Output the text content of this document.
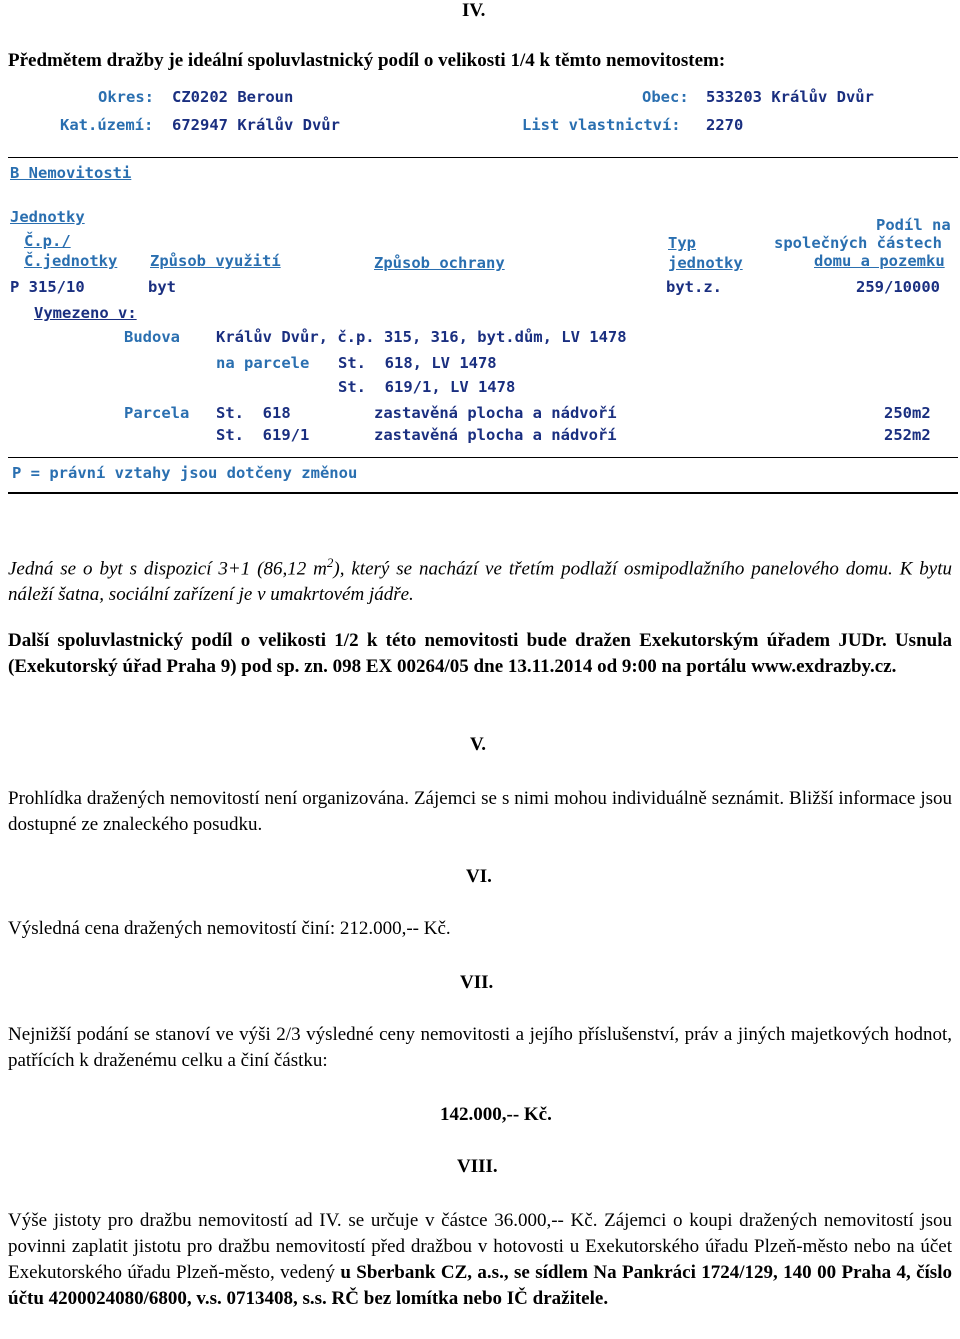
IV.
Předmětem dražby je ideální spoluvlastnický podíl o velikosti 1/4 k těmto nemovitostem:
Okres: CZ0202 Beroun	Obec: 533203 Králův Dvůr
Kat.území: 672947 Králův Dvůr	List vlastnictví: 2270
B Nemovitosti
Jednotky
Č.p./
Č.jednotky Způsob využití	Způsob ochrany
Typ
jednotky
Podíl na
společných částech
domu a pozemku
P 315/10	byt	byt.z.	259/10000
Vymezeno v:
Budova Králův Dvůr, č.p. 315, 316, byt.dům, LV 1478
na parcele St.  618, LV 1478
St.  619/1, LV 1478
Parcela St.  618	zastavěná plocha a nádvoří	250m2
St.  619/1	zastavěná plocha a nádvoří	252m2
P = právní vztahy jsou dotčeny změnou

Jedná se o byt s dispozicí 3+1 (86,12 $m^2$), který se nachází ve třetím podlaží osmipodlažního panelového domu. K bytu náleží šatna, sociální zařízení je v umakrtovém jádře.

Další spoluvlastnický podíl o velikosti 1/2 k této nemovitosti bude dražen Exekutorským úřadem JUDr. Usnula (Exekutorský úřad Praha 9) pod sp. zn. 098 EX 00264/05 dne 13.11.2014 od 9:00 na portálu www.exdrazby.cz.

V.

Prohlídka dražených nemovitostí není organizována. Zájemci se s nimi mohou individuálně seznámit. Bližší informace jsou dostupné ze znaleckého posudku.

VI.
Výsledná cena dražených nemovitostí činí: 212.000,-- Kč.
VII.

Nejnižší podání se stanoví ve výši 2/3 výsledné ceny nemovitosti a jejího příslušenství, práv a jiných majetkových hodnot, patřících k draženému celku a činí částku:

142.000,-- Kč.
VIII.

Výše jistoty pro dražbu nemovitostí ad IV. se určuje v částce 36.000,-- Kč. Zájemci o koupi dražených nemovitostí jsou povinni zaplatit jistotu pro dražbu nemovitostí před dražbou v hotovosti u Exekutorského úřadu Plzeň-město nebo na účet Exekutorského úřadu Plzeň-město, vedený u Sberbank CZ, a.s., se sídlem Na Pankráci 1724/129, 140 00 Praha 4, číslo účtu 4200024080/6800, v.s. 0713408, s.s. RČ bez lomítka nebo IČ dražitele.
